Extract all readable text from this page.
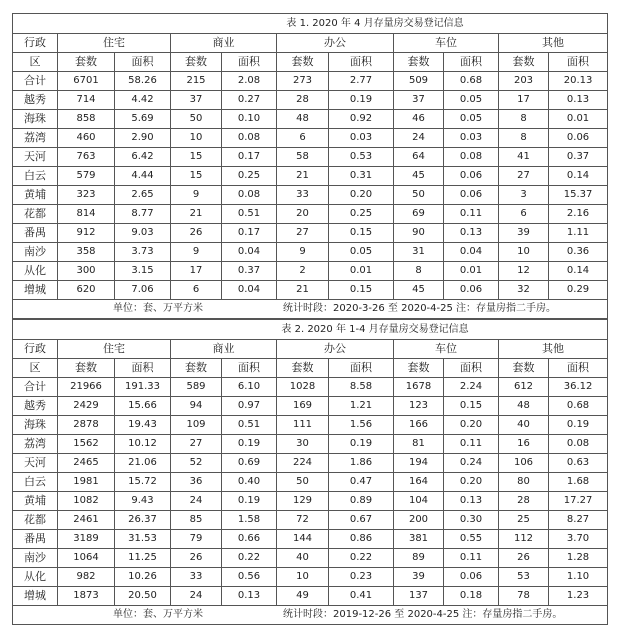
表 1. 2020 年 4 月存量房交易登记信息										
行政	住宅		商业		办公		车位		其他	
区	套数	面积	套数	面积	套数	面积	套数	面积	套数	面积
合计	6701	58.26	215	2.08	273	2.77	509	0.68	203	20.13
越秀	714	4.42	37	0.27	28	0.19	37	0.05	17	0.13
海珠	858	5.69	50	0.10	48	0.92	46	0.05	8	0.01
荔湾	460	2.90	10	0.08	6	0.03	24	0.03	8	0.06
天河	763	6.42	15	0.17	58	0.53	64	0.08	41	0.37
白云	579	4.44	15	0.25	21	0.31	45	0.06	27	0.14
黄埔	323	2.65	9	0.08	33	0.20	50	0.06	3	15.37
花都	814	8.77	21	0.51	20	0.25	69	0.11	6	2.16
番禺	912	9.03	26	0.17	27	0.15	90	0.13	39	1.11
南沙	358	3.73	9	0.04	9	0.05	31	0.04	10	0.36
从化	300	3.15	17	0.37	2	0.01	8	0.01	12	0.14
增城	620	7.06	6	0.04	21	0.15	45	0.06	32	0.29
单位：套、万平方米 统计时段：2020-3-26 至 2020-4-25 注：存量房指二手房。										
表 2. 2020 年 1-4 月存量房交易登记信息										
行政	住宅		商业		办公		车位		其他	
区	套数	面积	套数	面积	套数	面积	套数	面积	套数	面积
合计	21966	191.33	589	6.10	1028	8.58	1678	2.24	612	36.12
越秀	2429	15.66	94	0.97	169	1.21	123	0.15	48	0.68
海珠	2878	19.43	109	0.51	111	1.56	166	0.20	40	0.19
荔湾	1562	10.12	27	0.19	30	0.19	81	0.11	16	0.08
天河	2465	21.06	52	0.69	224	1.86	194	0.24	106	0.63
白云	1981	15.72	36	0.40	50	0.47	164	0.20	80	1.68
黄埔	1082	9.43	24	0.19	129	0.89	104	0.13	28	17.27
花都	2461	26.37	85	1.58	72	0.67	200	0.30	25	8.27
番禺	3189	31.53	79	0.66	144	0.86	381	0.55	112	3.70
南沙	1064	11.25	26	0.22	40	0.22	89	0.11	26	1.28
从化	982	10.26	33	0.56	10	0.23	39	0.06	53	1.10
增城	1873	20.50	24	0.13	49	0.41	137	0.18	78	1.23
单位：套、万平方米 统计时段：2019-12-26 至 2020-4-25 注：存量房指二手房。										
